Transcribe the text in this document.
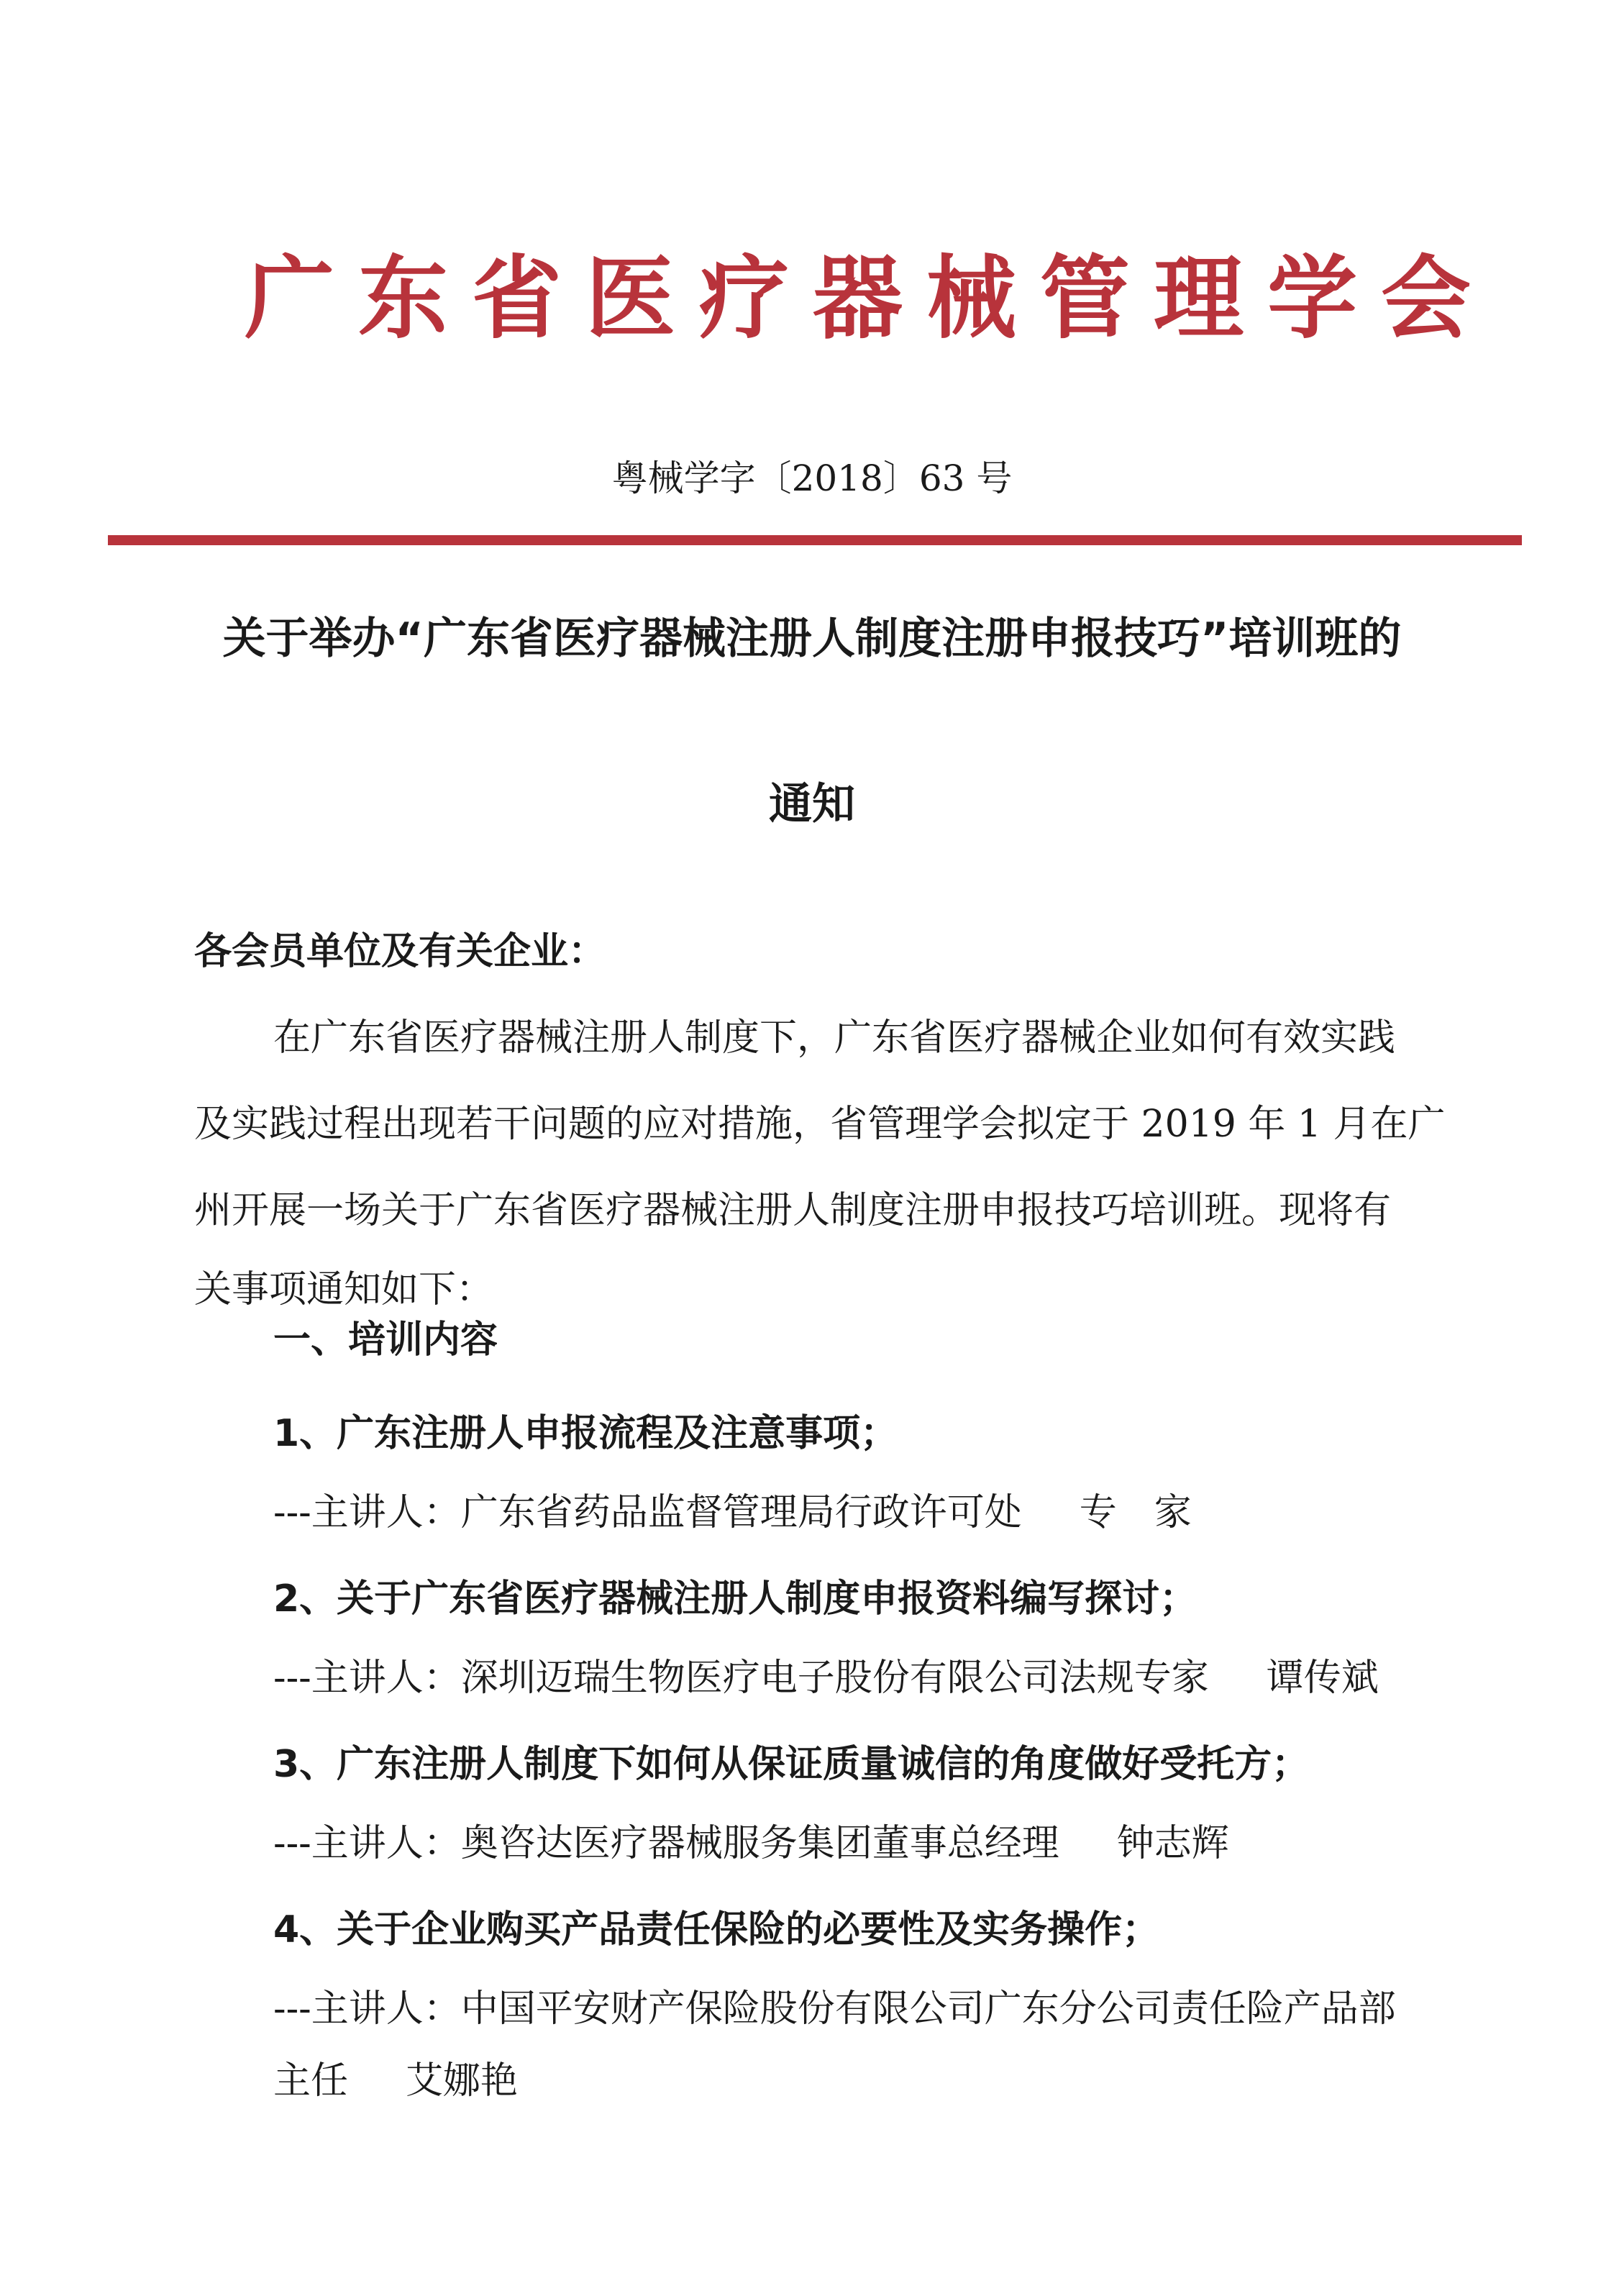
广东省医疗器械管理学会
粤械学字〔2018〕63 号
关于举办“广东省医疗器械注册人制度注册申报技巧”培训班的
通知
各会员单位及有关企业：
在广东省医疗器械注册人制度下，广东省医疗器械企业如何有效实践
及实践过程出现若干问题的应对措施，省管理学会拟定于 2019 年 1 月在广
州开展一场关于广东省医疗器械注册人制度注册申报技巧培训班。现将有
关事项通知如下：
一、培训内容
1、广东注册人申报流程及注意事项；
---主讲人：广东省药品监督管理局行政许可处 专　家
2、关于广东省医疗器械注册人制度申报资料编写探讨；
---主讲人：深圳迈瑞生物医疗电子股份有限公司法规专家 谭传斌
3、广东注册人制度下如何从保证质量诚信的角度做好受托方；
---主讲人：奥咨达医疗器械服务集团董事总经理 钟志辉
4、关于企业购买产品责任保险的必要性及实务操作；
---主讲人：中国平安财产保险股份有限公司广东分公司责任险产品部
主任 艾娜艳
